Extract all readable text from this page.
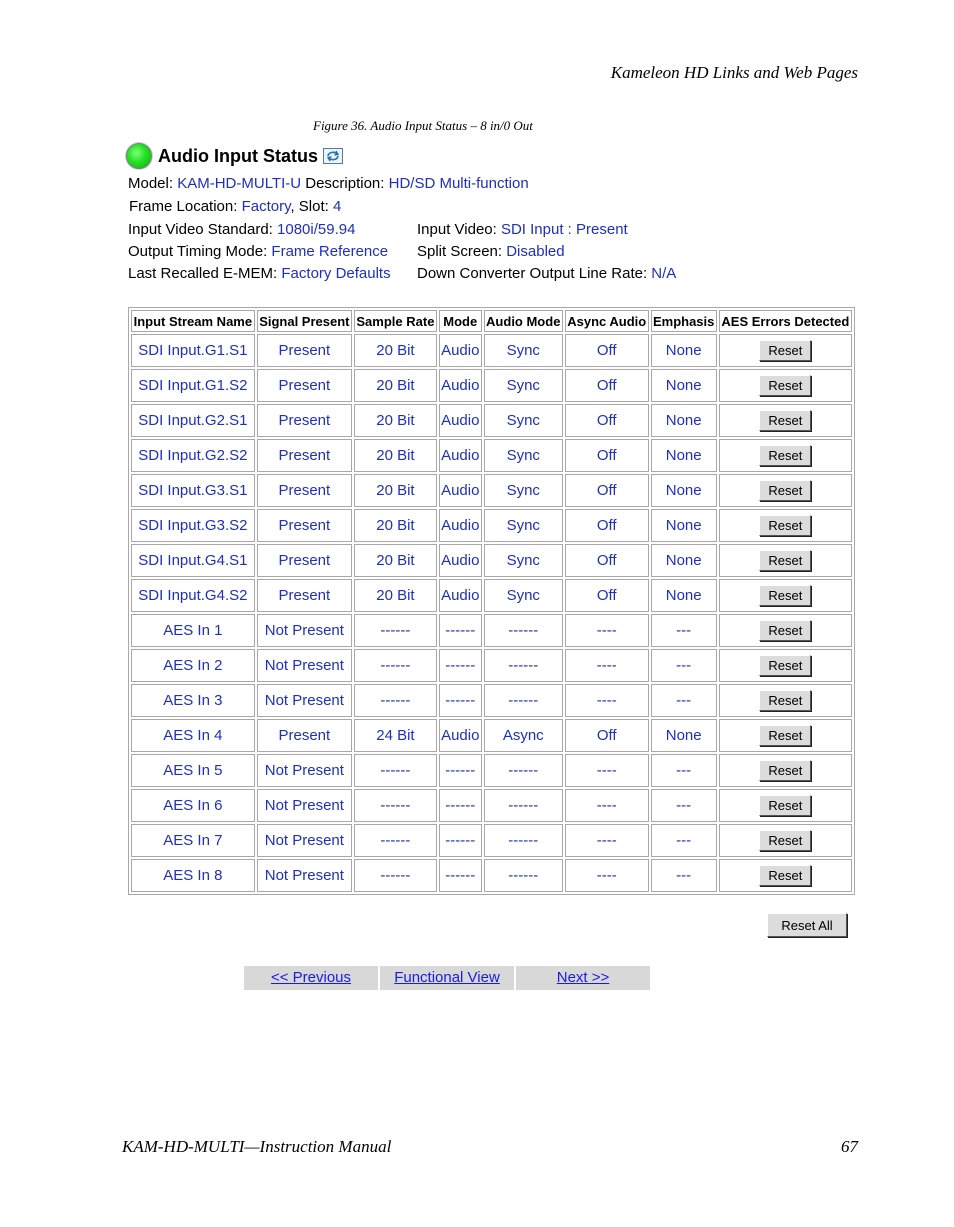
Kameleon HD Links and Web Pages
Figure 36. Audio Input Status – 8 in/0 Out
Audio Input Status
Model: KAM-HD-MULTI-U Description: HD/SD Multi-function
Frame Location: Factory, Slot: 4
Input Video Standard: 1080i/59.94
Output Timing Mode: Frame Reference
Last Recalled E-MEM: Factory Defaults
Input Video: SDI Input : Present
Split Screen: Disabled
Down Converter Output Line Rate: N/A
Input Stream Name	Signal Present	Sample Rate	Mode	Audio Mode	Async Audio	Emphasis	AES Errors Detected
SDI Input.G1.S1	Present	20 Bit	Audio	Sync	Off	None	Reset
SDI Input.G1.S2	Present	20 Bit	Audio	Sync	Off	None	Reset
SDI Input.G2.S1	Present	20 Bit	Audio	Sync	Off	None	Reset
SDI Input.G2.S2	Present	20 Bit	Audio	Sync	Off	None	Reset
SDI Input.G3.S1	Present	20 Bit	Audio	Sync	Off	None	Reset
SDI Input.G3.S2	Present	20 Bit	Audio	Sync	Off	None	Reset
SDI Input.G4.S1	Present	20 Bit	Audio	Sync	Off	None	Reset
SDI Input.G4.S2	Present	20 Bit	Audio	Sync	Off	None	Reset
AES In 1	Not Present	------	------	------	----	---	Reset
AES In 2	Not Present	------	------	------	----	---	Reset
AES In 3	Not Present	------	------	------	----	---	Reset
AES In 4	Present	24 Bit	Audio	Async	Off	None	Reset
AES In 5	Not Present	------	------	------	----	---	Reset
AES In 6	Not Present	------	------	------	----	---	Reset
AES In 7	Not Present	------	------	------	----	---	Reset
AES In 8	Not Present	------	------	------	----	---	Reset
Reset All
<< Previous	Functional View	Next >>
KAM-HD-MULTI—Instruction Manual	67
